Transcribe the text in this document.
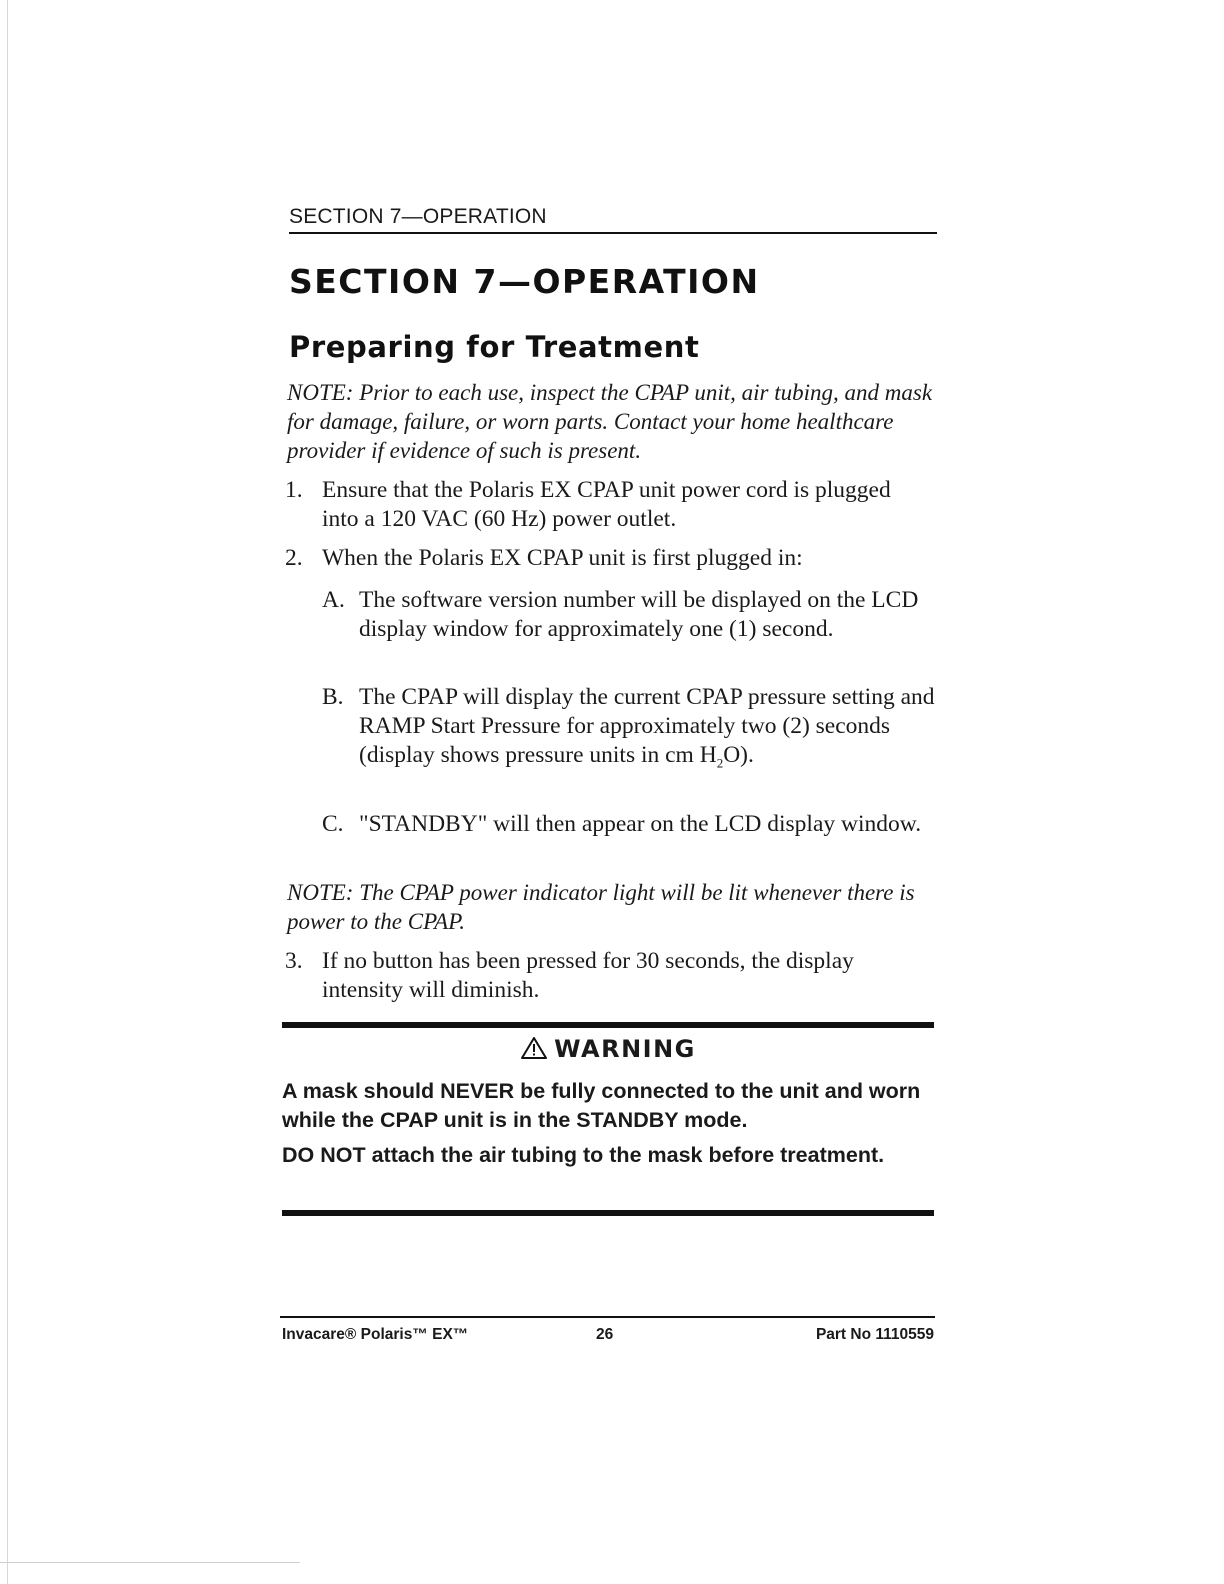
SECTION 7—OPERATION
SECTION 7—OPERATION
Preparing for Treatment

NOTE: Prior to each use, inspect the CPAP unit, air tubing, and mask for damage, failure, or worn parts. Contact your home healthcare provider if evidence of such is present.

1. Ensure that the Polaris EX CPAP unit power cord is plugged into a 120 VAC (60 Hz) power outlet.
2. When the Polaris EX CPAP unit is first plugged in:
A. The software version number will be displayed on the LCD display window for approximately one (1) second.
B. The CPAP will display the current CPAP pressure setting and RAMP Start Pressure for approximately two (2) seconds (display shows pressure units in cm $H_2O$).
C. "STANDBY" will then appear on the LCD display window.

NOTE: The CPAP power indicator light will be lit whenever there is power to the CPAP.

3. If no button has been pressed for 30 seconds, the display intensity will diminish.
WARNING

A mask should NEVER be fully connected to the unit and worn while the CPAP unit is in the STANDBY mode.

DO NOT attach the air tubing to the mask before treatment.

Invacare® Polaris™ EX™	26	Part No 1110559
